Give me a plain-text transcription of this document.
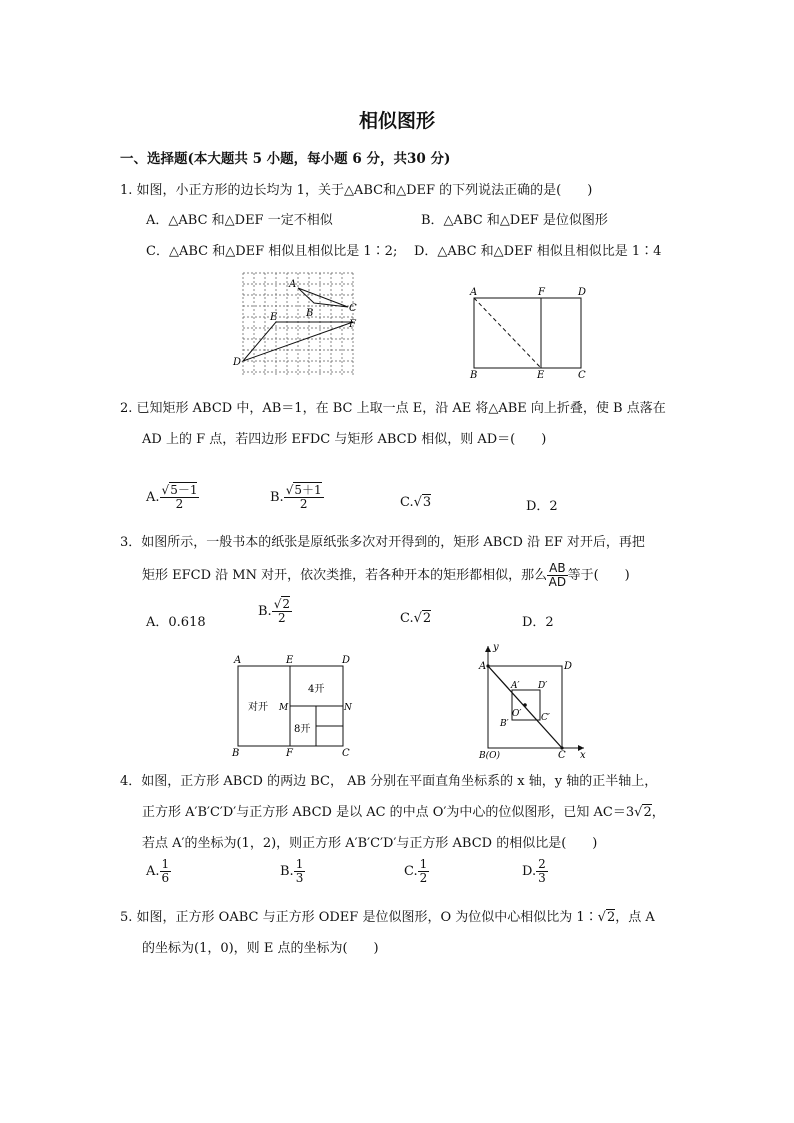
相似图形
一、选择题(本大题共 5 小题，每小题 6 分，共30 分)
1. 如图，小正方形的边长均为 1，关于△ABC和△DEF 的下列说法正确的是(　　)
A．△ABC 和△DEF 一定不相似	B．△ABC 和△DEF 是位似图形
C．△ABC 和△DEF 相似且相似比是 1∶2; D．△ABC 和△DEF 相似且相似比是 1∶4
A
B	C
D
E
F
A	F	D
B	E	C
2. 已知矩形 ABCD 中，AB＝1，在 BC 上取一点 E，沿 AE 将△ABE 向上折叠，使 B 点落在
AD 上的 F 点，若四边形 EFDC 与矩形 ABCD 相似，则 AD＝(　　)
A. $\frac{√5-1}{2}$	B. $\frac{√5+1}{2}$	C.√3	D．2
3．如图所示，一般书本的纸张是原纸张多次对开得到的，矩形 ABCD 沿 EF 对开后，再把
矩形 EFCD 沿 MN 对开，依次类推，若各种开本的矩形都相似，那么 $\frac{AB}{AD}$ 等于(　　)
A．0.618
B. $\frac{√2}{2}$	C.√2	D．2
A	E	D
B	F	C
M	N
对开
4开
8开
y
x
A	D
A′ D′
O′
B′
C′
B(O)	C
4．如图，正方形 ABCD 的两边 BC， AB 分别在平面直角坐标系的 x 轴，y 轴的正半轴上，
正方形 A′B′C′D′与正方形 ABCD 是以 AC 的中点 O′为中心的位似图形，已知 AC＝3√2，
若点 A′的坐标为(1，2)，则正方形 A′B′C′D′与正方形 ABCD 的相似比是(　　)
A. $\frac{1}{6}$	B. $\frac{1}{3}$	C. $\frac{1}{2}$	D. $\frac{2}{3}$
5. 如图，正方形 OABC 与正方形 ODEF 是位似图形，O 为位似中心相似比为 1∶√2，点 A
的坐标为(1，0)，则 E 点的坐标为(　　)
